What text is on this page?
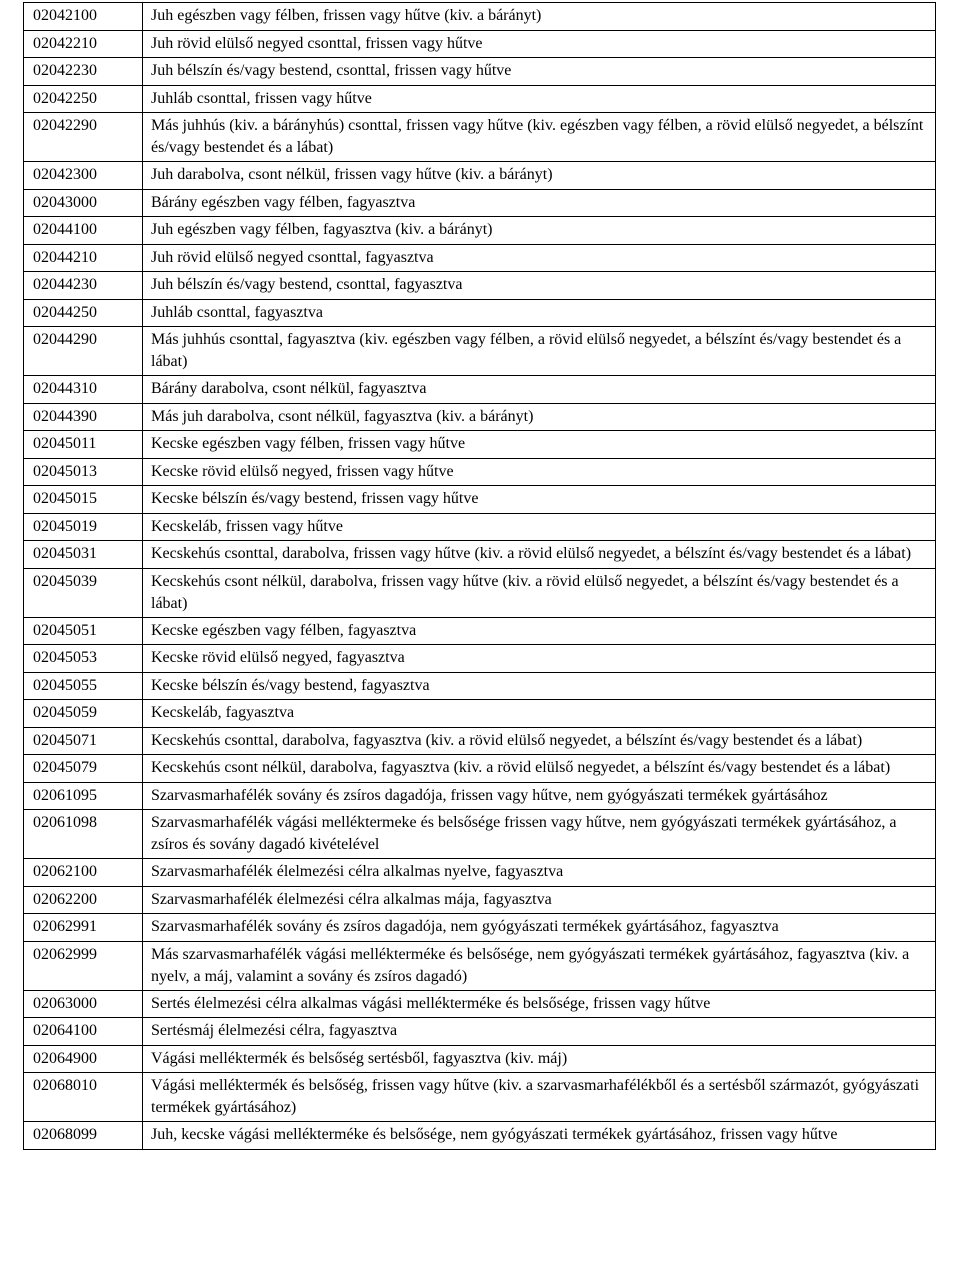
02042100	Juh egészben vagy félben, frissen vagy hűtve (kiv. a bárányt)
02042210	Juh rövid elülső negyed csonttal, frissen vagy hűtve
02042230	Juh bélszín és/vagy bestend, csonttal, frissen vagy hűtve
02042250	Juhláb csonttal, frissen vagy hűtve
02042290	Más juhhús (kiv. a bárányhús) csonttal, frissen vagy hűtve (kiv. egészben vagy félben, a rövid elülső negyedet, a bélszínt és/vagy bestendet és a lábat)
02042300	Juh darabolva, csont nélkül, frissen vagy hűtve (kiv. a bárányt)
02043000	Bárány egészben vagy félben, fagyasztva
02044100	Juh egészben vagy félben, fagyasztva (kiv. a bárányt)
02044210	Juh rövid elülső negyed csonttal, fagyasztva
02044230	Juh bélszín és/vagy bestend, csonttal, fagyasztva
02044250	Juhláb csonttal, fagyasztva
02044290	Más juhhús csonttal, fagyasztva (kiv. egészben vagy félben, a rövid elülső negyedet, a bélszínt és/vagy bestendet és a lábat)
02044310	Bárány darabolva, csont nélkül, fagyasztva
02044390	Más juh darabolva, csont nélkül, fagyasztva (kiv. a bárányt)
02045011	Kecske egészben vagy félben, frissen vagy hűtve
02045013	Kecske rövid elülső negyed, frissen vagy hűtve
02045015	Kecske bélszín és/vagy bestend, frissen vagy hűtve
02045019	Kecskeláb, frissen vagy hűtve
02045031	Kecskehús csonttal, darabolva, frissen vagy hűtve (kiv. a rövid elülső negyedet, a bélszínt és/vagy bestendet és a lábat)
02045039	Kecskehús csont nélkül, darabolva, frissen vagy hűtve (kiv. a rövid elülső negyedet, a bélszínt és/vagy bestendet és a lábat)
02045051	Kecske egészben vagy félben, fagyasztva
02045053	Kecske rövid elülső negyed, fagyasztva
02045055	Kecske bélszín és/vagy bestend, fagyasztva
02045059	Kecskeláb, fagyasztva
02045071	Kecskehús csonttal, darabolva, fagyasztva (kiv. a rövid elülső negyedet, a bélszínt és/vagy bestendet és a lábat)
02045079	Kecskehús csont nélkül, darabolva, fagyasztva (kiv. a rövid elülső negyedet, a bélszínt és/vagy bestendet és a lábat)
02061095	Szarvasmarhafélék sovány és zsíros dagadója, frissen vagy hűtve, nem gyógyászati termékek gyártásához
02061098	Szarvasmarhafélék vágási melléktermeke és belsősége frissen vagy hűtve, nem gyógyászati termékek gyártásához, a zsíros és sovány dagadó kivételével
02062100	Szarvasmarhafélék élelmezési célra alkalmas nyelve, fagyasztva
02062200	Szarvasmarhafélék élelmezési célra alkalmas mája, fagyasztva
02062991	Szarvasmarhafélék sovány és zsíros dagadója, nem gyógyászati termékek gyártásához, fagyasztva
02062999	Más szarvasmarhafélék vágási mellékterméke és belsősége, nem gyógyászati termékek gyártásához, fagyasztva (kiv. a nyelv, a máj, valamint a sovány és zsíros dagadó)
02063000	Sertés élelmezési célra alkalmas vágási mellékterméke és belsősége, frissen vagy hűtve
02064100	Sertésmáj élelmezési célra, fagyasztva
02064900	Vágási melléktermék és belsőség sertésből, fagyasztva (kiv. máj)
02068010	Vágási melléktermék és belsőség, frissen vagy hűtve (kiv. a szarvasmarhafélékből és a sertésből származót, gyógyászati termékek gyártásához)
02068099	Juh, kecske vágási mellékterméke és belsősége, nem gyógyászati termékek gyártásához, frissen vagy hűtve
